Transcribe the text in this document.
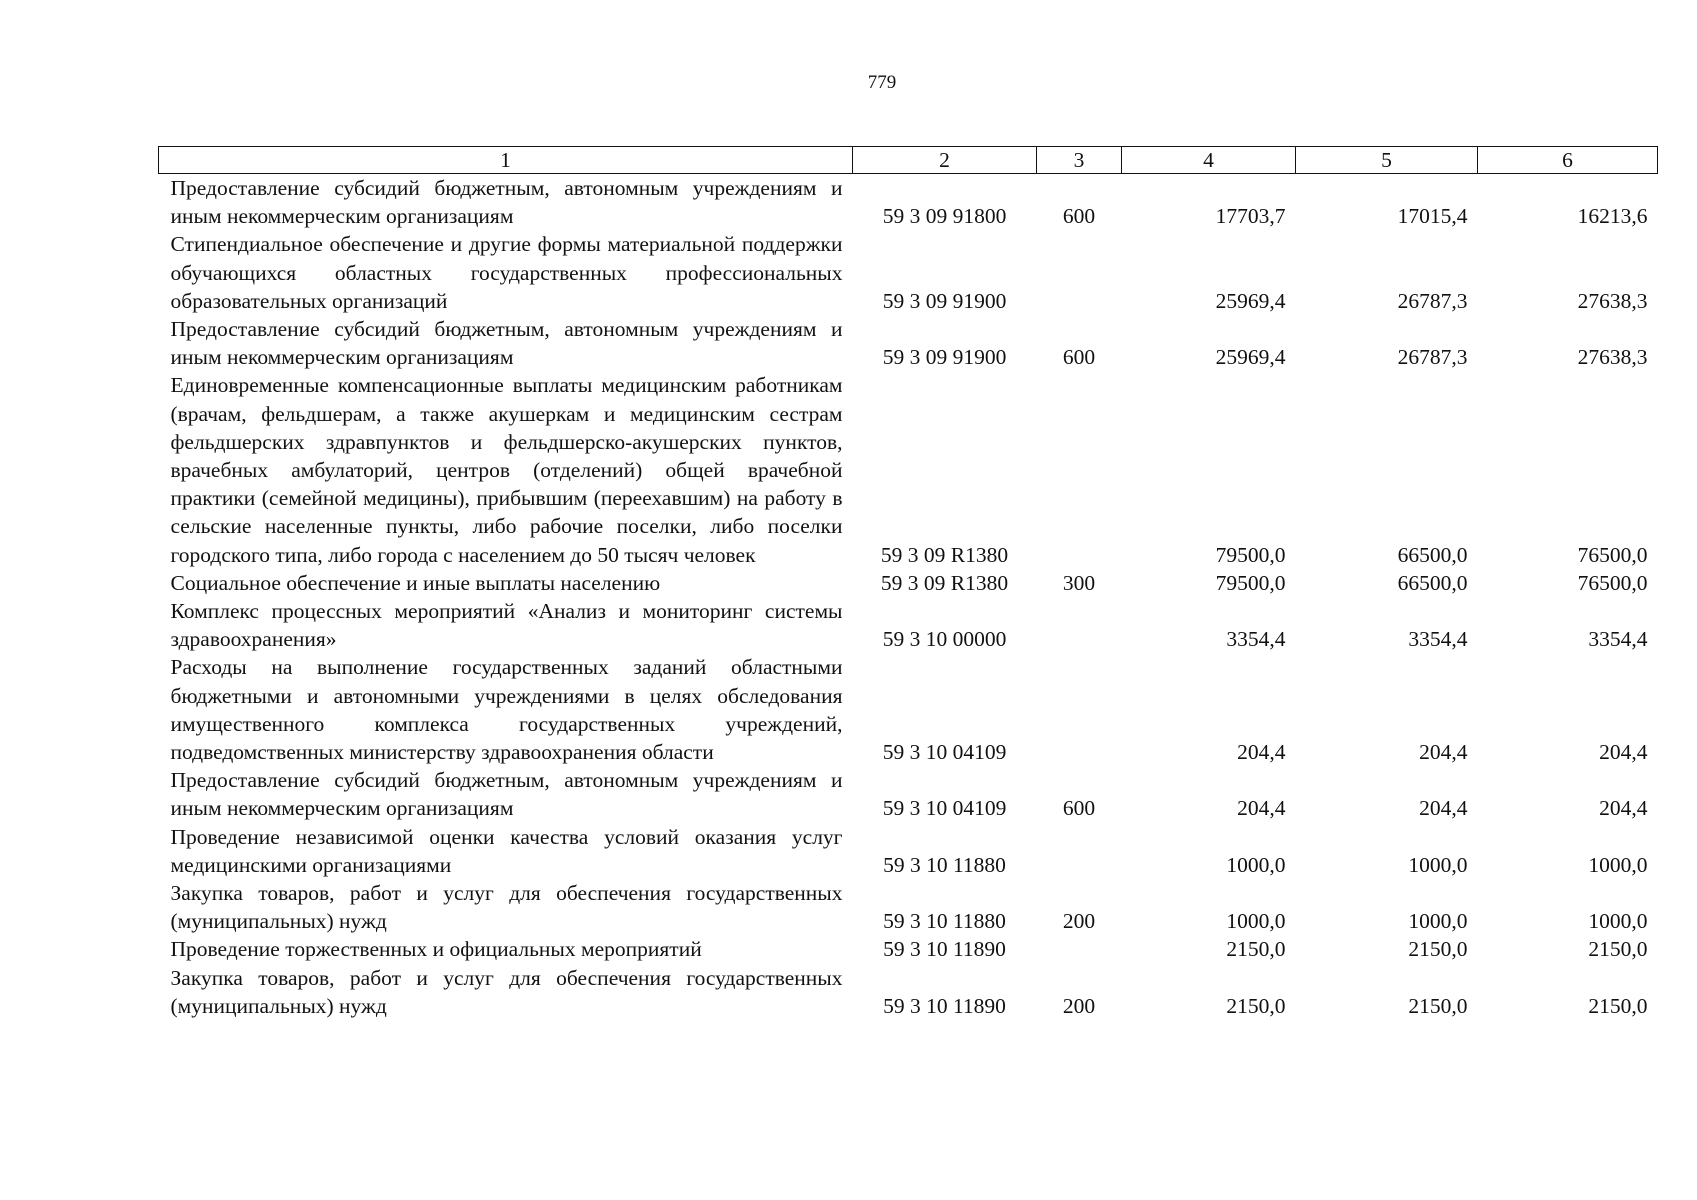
779
1	2	3	4	5	6
Предоставление субсидий бюджетным, автономным учреждениям и иным некоммерческим организациям	59 3 09 91800	600	17703,7	17015,4	16213,6
Стипендиальное обеспечение и другие формы материальной поддержки обучающихся областных государственных профессиональных образовательных организаций	59 3 09 91900		25969,4	26787,3	27638,3
Предоставление субсидий бюджетным, автономным учреждениям и иным некоммерческим организациям	59 3 09 91900	600	25969,4	26787,3	27638,3
Единовременные компенсационные выплаты медицинским работникам (врачам, фельдшерам, а также акушеркам и медицинским сестрам фельдшерских здравпунктов и фельдшерско-акушерских пунктов, врачебных амбулаторий, центров (отделений) общей врачебной практики (семейной медицины), прибывшим (переехавшим) на работу в сельские населенные пункты, либо рабочие поселки, либо поселки городского типа, либо города с населением до 50 тысяч человек	59 3 09 R1380		79500,0	66500,0	76500,0
Социальное обеспечение и иные выплаты населению	59 3 09 R1380	300	79500,0	66500,0	76500,0
Комплекс процессных мероприятий «Анализ и мониторинг системы здравоохранения»	59 3 10 00000		3354,4	3354,4	3354,4
Расходы на выполнение государственных заданий областными бюджетными и автономными учреждениями в целях обследования имущественного комплекса государственных учреждений, подведомственных министерству здравоохранения области	59 3 10 04109		204,4	204,4	204,4
Предоставление субсидий бюджетным, автономным учреждениям и иным некоммерческим организациям	59 3 10 04109	600	204,4	204,4	204,4
Проведение независимой оценки качества условий оказания услуг медицинскими организациями	59 3 10 11880		1000,0	1000,0	1000,0
Закупка товаров, работ и услуг для обеспечения государственных (муниципальных) нужд	59 3 10 11880	200	1000,0	1000,0	1000,0
Проведение торжественных и официальных мероприятий	59 3 10 11890		2150,0	2150,0	2150,0
Закупка товаров, работ и услуг для обеспечения государственных (муниципальных) нужд	59 3 10 11890	200	2150,0	2150,0	2150,0
